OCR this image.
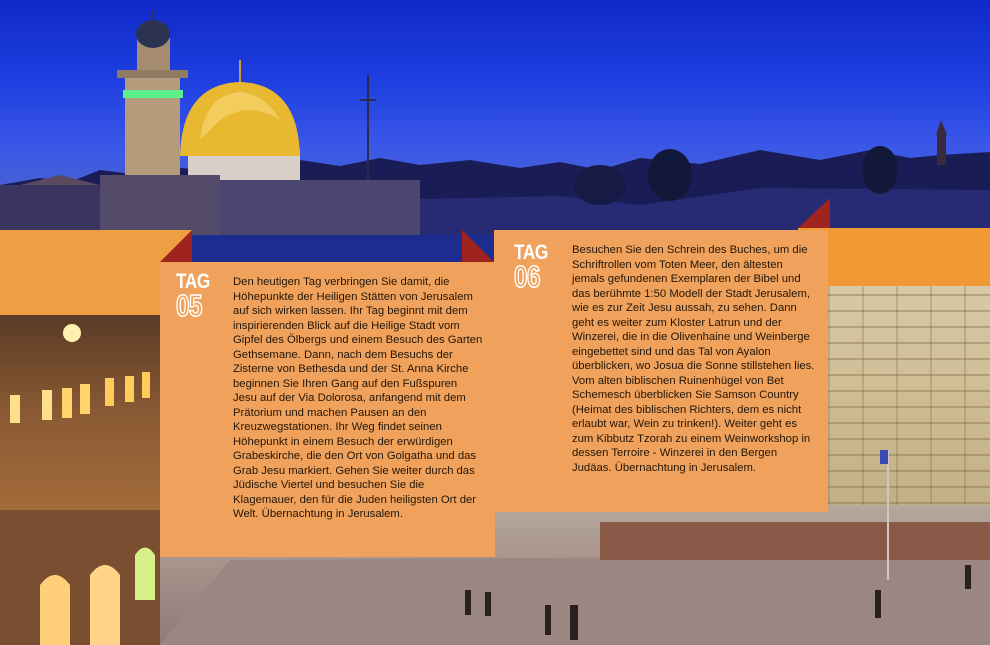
TAG
05
Den heutigen Tag verbringen Sie damit, die Höhepunkte der Heiligen Stätten von Jerusalem auf sich wirken lassen. Ihr Tag beginnt mit dem inspirierenden Blick auf die Heilige Stadt vom Gipfel des Ölbergs und einem Besuch des Garten Gethsemane. Dann, nach dem Besuchs der Zisterne von Bethesda und der St. Anna Kirche beginnen Sie Ihren Gang auf den Fußspuren Jesu auf der Via Dolorosa, anfangend mit dem Prätorium und machen Pausen an den Kreuzwegstationen. Ihr Weg findet seinen Höhepunkt in einem Besuch der erwürdigen Grabeskirche, die den Ort von Golgatha und das Grab Jesu markiert. Gehen Sie weiter durch das Jüdische Viertel und besuchen Sie die Klagemauer, den für die Juden heiligsten Ort der Welt. Übernachtung in Jerusalem.
TAG
06
Besuchen Sie den Schrein des Buches, um die Schriftrollen vom Toten Meer, den ältesten jemals gefundenen Exemplaren der Bibel und das berühmte 1:50 Modell der Stadt Jerusalem, wie es zur Zeit Jesu aussah, zu sehen. Dann geht es weiter zum Kloster Latrun und der Winzerei, die in die Olivenhaine und Weinberge eingebettet sind und das Tal von Ayalon überblicken, wo Josua die Sonne stillstehen lies. Vom alten biblischen Ruinenhügel von Bet Schemesch überblicken Sie Samson Country (Heimat des biblischen Richters, dem es nicht erlaubt war, Wein zu trinken!). Weiter geht es zum Kibbutz Tzorah zu einem Weinworkshop in dessen Terroire - Winzerei in den Bergen Judäas. Übernachtung in Jerusalem.
